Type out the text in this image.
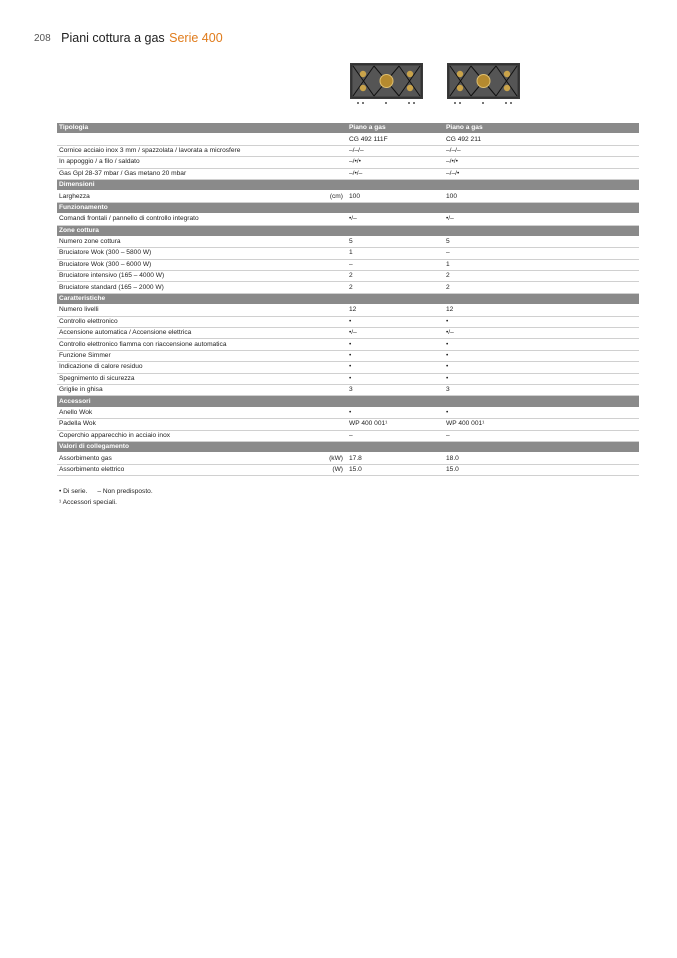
208 Piani cottura a gas Serie 400
Tipologia	Piano a gas	Piano a gas

	CG 492 111F	CG 492 211
Cornice acciaio inox 3 mm / spazzolata / lavorata a microsfere	–/–/–	–/–/–
In appoggio / a filo / saldato	–/•/•	–/•/•
Gas Gpl 28-37 mbar / Gas metano 20 mbar	–/•/–	–/–/•
Dimensioni		
Larghezza (cm)	100	100
Funzionamento		
Comandi frontali / pannello di controllo integrato	•/–	•/–
Zone cottura		
Numero zone cottura	5	5
Bruciatore Wok (300 – 5800 W)	1	–
Bruciatore Wok (300 – 6000 W)	–	1
Bruciatore intensivo (165 – 4000 W)	2	2
Bruciatore standard (165 – 2000 W)	2	2
Caratteristiche		
Numero livelli	12	12
Controllo elettronico	•	•
Accensione automatica / Accensione elettrica	•/–	•/–
Controllo elettronico fiamma con riaccensione automatica	•	•
Funzione Simmer	•	•
Indicazione di calore residuo	•	•
Spegnimento di sicurezza	•	•
Griglie in ghisa	3	3
Accessori		
Anello Wok	•	•
Padella Wok	WP 400 001¹	WP 400 001¹
Coperchio apparecchio in acciaio inox	–	–
Valori di collegamento		
Assorbimento gas (kW)	17.8	18.0
Assorbimento elettrico (W)	15.0	15.0
• Di serie. – Non predisposto.
¹ Accessori speciali.
